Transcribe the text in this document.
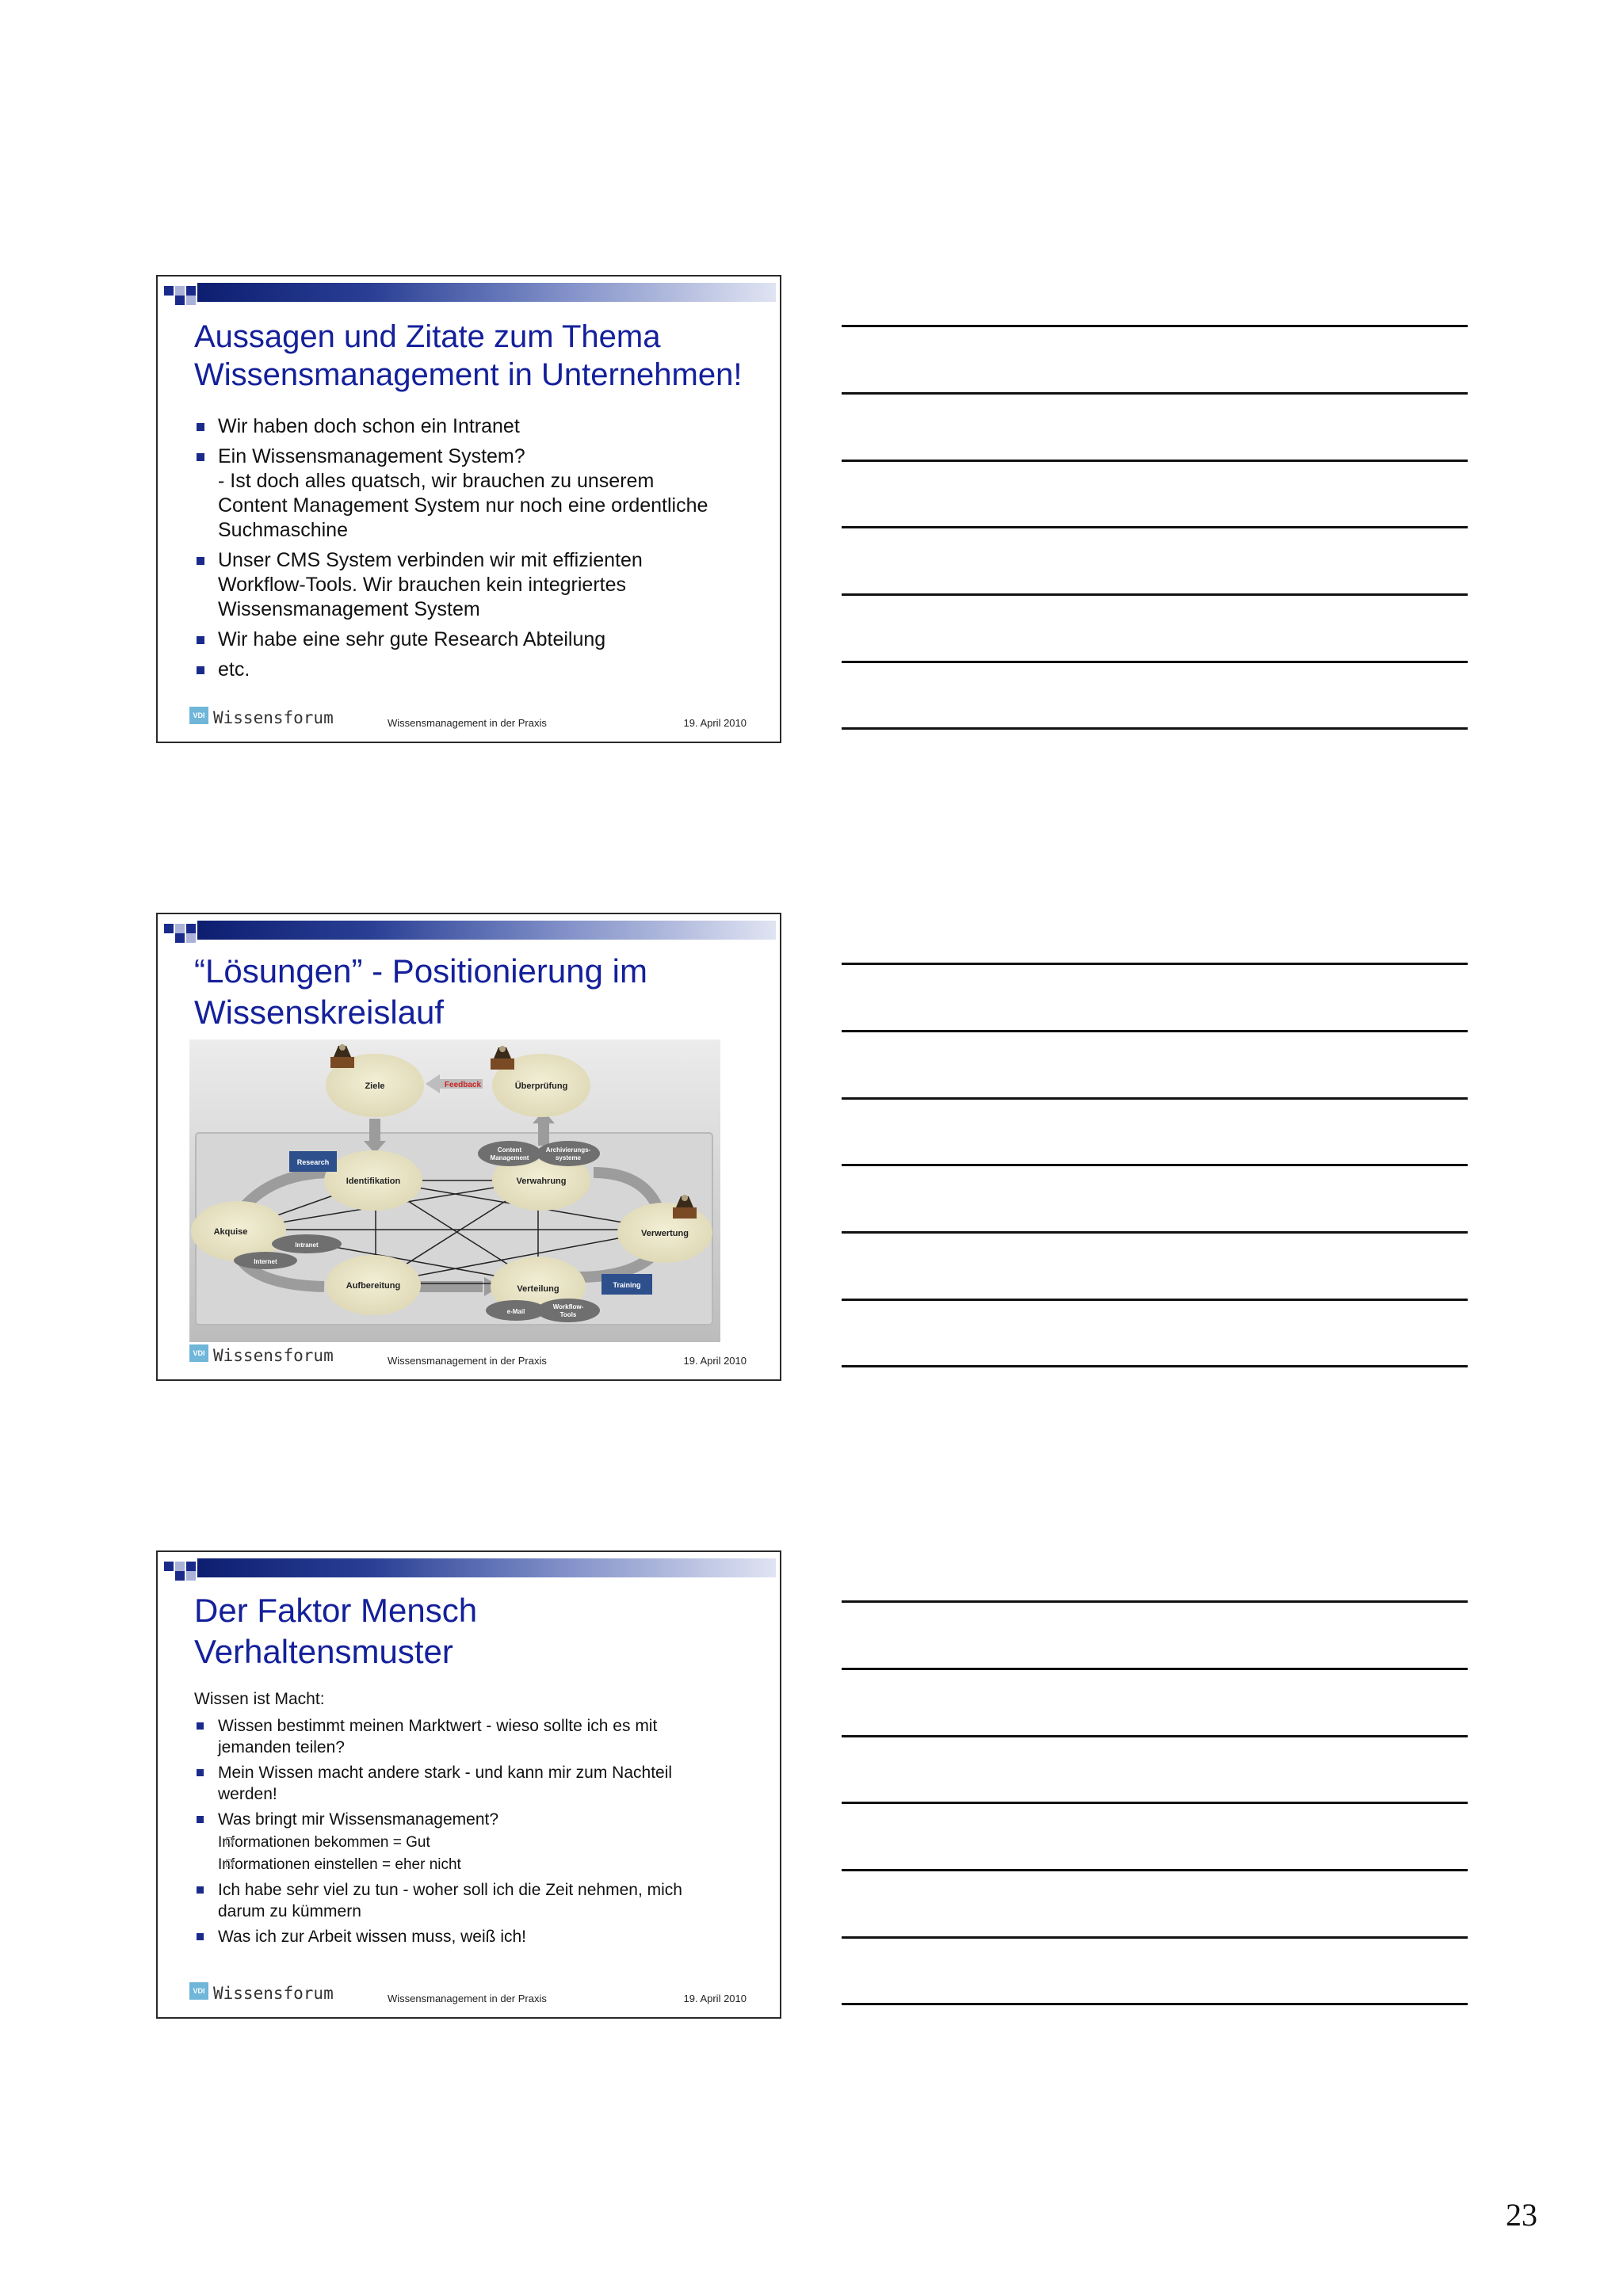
Aussagen und Zitate zum Thema
Wissensmanagement in Unternehmen!
Wir haben doch schon ein Intranet
Ein Wissensmanagement System?
- Ist doch alles quatsch, wir brauchen zu unserem
Content Management System nur noch eine ordentliche
Suchmaschine
Unser CMS System verbinden wir mit effizienten
Workflow-Tools. Wir brauchen kein integriertes
Wissensmanagement System
Wir habe eine sehr gute Research Abteilung
etc.
VDI Wissensforum	Wissensmanagement in der Praxis	19. April 2010
“Lösungen” - Positionierung im
Wissenskreislauf
Ziele	Überprüfung
Identifikation	Verwahrung
Akquise	Verwertung
Aufbereitung	Verteilung
Feedback
Research
Training
Intranet
Internet
Content
Management
Archivierungs-
systeme
e-Mail
Workflow-
Tools
VDI Wissensforum	Wissensmanagement in der Praxis	19. April 2010
Der Faktor Mensch
Verhaltensmuster
Wissen ist Macht:
Wissen bestimmt meinen Marktwert - wieso sollte ich es mit
jemanden teilen?
Mein Wissen macht andere stark - und kann mir zum Nachteil
werden!
Was bringt mir Wissensmanagement?
Informationen bekommen = Gut
Informationen einstellen = eher nicht
Ich habe sehr viel zu tun - woher soll ich die Zeit nehmen, mich
darum zu kümmern
Was ich zur Arbeit wissen muss, weiß ich!
VDI Wissensforum	Wissensmanagement in der Praxis	19. April 2010
23
